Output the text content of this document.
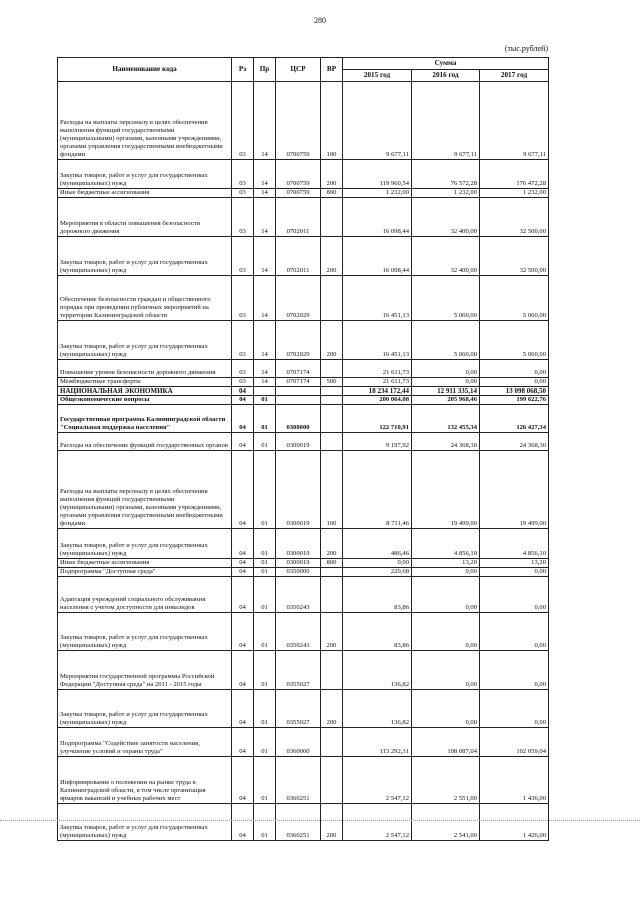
280
(тыс.рублей)
Наименование кода	Рз	Пр	ЦСР	ВР	Сумма		
					2015 год	2016 год	2017 год
Расходы на выплаты персоналу в целях обеспечения выполнения функций государственными (муниципальными) органами, казенными учреждениями, органами управления государственными внебюджетными фондами	03	14	0700759	100	9 677,11	9 677,11	9 677,11
Закупка товаров, работ и услуг для государственных (муниципальных) нужд	03	14	0700759	200	119 960,54	76 572,28	176 472,28
Иные бюджетные ассигнования	03	14	0700759	800	1 232,00	1 232,00	1 232,00
Мероприятия в области повышения безопасности дорожного движения	03	14	0702011		16 098,44	32 400,00	32 500,00
Закупка товаров, работ и услуг для государственных (муниципальных) нужд	03	14	0702011	200	16 098,44	32 400,00	32 500,00
Обеспечение безопасности граждан и общественного порядка при проведении публичных мероприятий на территории Калининградской области	03	14	0702029		16 451,13	5 060,00	5 060,00
Закупка товаров, работ и услуг для государственных (муниципальных) нужд	03	14	0702029	200	16 451,13	5 060,00	5 060,00
Повышение уровня безопасности дорожного движения	03	14	0707174		21 611,73	0,00	0,00
Межбюджетные трансферты	03	14	0707174	500	21 611,73	0,00	0,00
НАЦИОНАЛЬНАЯ ЭКОНОМИКА	04				18 234 172,44	12 911 335,14	13 098 068,50
Общеэкономические вопросы	04	01			200 064,08	205 968,46	199 622,76
Государственная программа Калининградской области "Социальная поддержка населения"	04	01	0300000		122 710,91	132 455,34	126 427,34
Расходы на обеспечение функций государственных органов	04	01	0300019		9 197,92	24 368,30	24 368,30
Расходы на выплаты персоналу в целях обеспечения выполнения функций государственными (муниципальными) органами, казенными учреждениями, органами управления государственными внебюджетными фондами	04	01	0300019	100	8 711,46	19 499,00	19 499,00
Закупка товаров, работ и услуг для государственных (муниципальных) нужд	04	01	0300019	200	486,46	4 856,10	4 856,10
Иные бюджетные ассигнования	04	01	0300019	800	0,00	13,20	13,20
Подпрограмма "Доступная среда"	04	01	0350000		220,68	0,00	0,00
Адаптация учреждений социального обслуживания населения с учетом доступности для инвалидов	04	01	0350243		83,86	0,00	0,00
Закупка товаров, работ и услуг для государственных (муниципальных) нужд	04	01	0350243	200	83,86	0,00	0,00
Мероприятия государственной программы Российской Федерации "Доступная среда" на 2011 - 2015 годы	04	01	0355027		136,82	0,00	0,00
Закупка товаров, работ и услуг для государственных (муниципальных) нужд	04	01	0355027	200	136,82	0,00	0,00
Подпрограмма "Содействие занятости населения, улучшение условий и охраны труда"	04	01	0360000		113 292,31	108 087,04	102 059,04
Информирование о положении на рынке труда в Калининградской области, в том числе организация ярмарок вакансий и учебных рабочих мест	04	01	0360251		2 547,12	2 551,00	1 436,00
Закупка товаров, работ и услуг для государственных (муниципальных) нужд	04	01	0360251	200	2 547,12	2 541,00	1 426,00
